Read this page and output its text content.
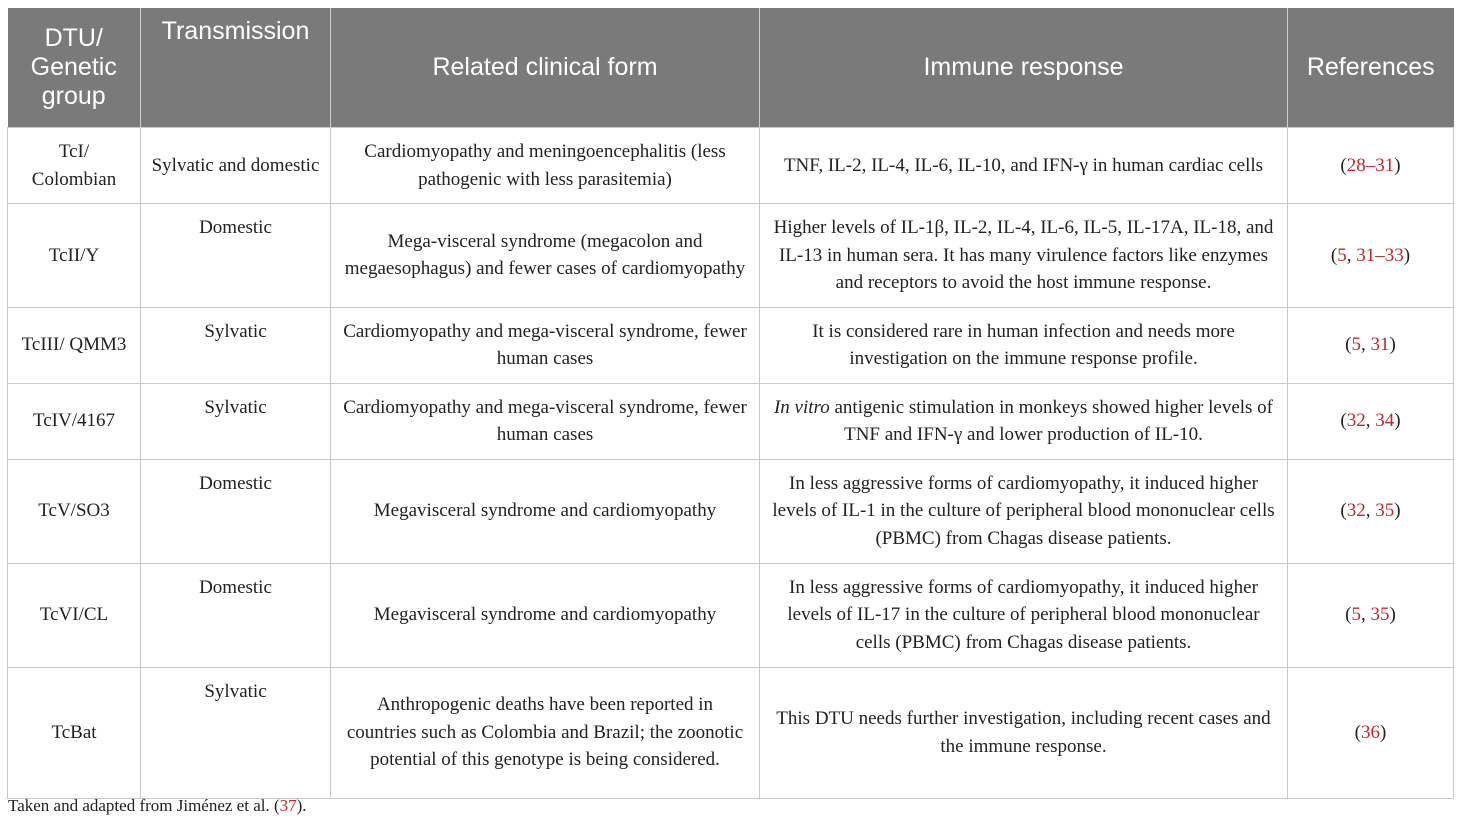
DTU/ Genetic group	Transmission	Related clinical form	Immune response	References
TcI/ Colombian	Sylvatic and domestic	Cardiomyopathy and meningoencephalitis (less pathogenic with less parasitemia)	TNF, IL-2, IL-4, IL-6, IL-10, and IFN-γ in human cardiac cells	(28–31)
TcII/Y	Domestic	Mega-visceral syndrome (megacolon and megaesophagus) and fewer cases of cardiomyopathy	Higher levels of IL-1β, IL-2, IL-4, IL-6, IL-5, IL-17A, IL-18, and IL-13 in human sera. It has many virulence factors like enzymes and receptors to avoid the host immune response.	(5, 31–33)
TcIII/ QMM3	Sylvatic	Cardiomyopathy and mega-visceral syndrome, fewer human cases	It is considered rare in human infection and needs more investigation on the immune response profile.	(5, 31)
TcIV/4167	Sylvatic	Cardiomyopathy and mega-visceral syndrome, fewer human cases	In vitro antigenic stimulation in monkeys showed higher levels of TNF and IFN-γ and lower production of IL-10.	(32, 34)
TcV/SO3	Domestic	Megavisceral syndrome and cardiomyopathy	In less aggressive forms of cardiomyopathy, it induced higher levels of IL-1 in the culture of peripheral blood mononuclear cells (PBMC) from Chagas disease patients.	(32, 35)
TcVI/CL	Domestic	Megavisceral syndrome and cardiomyopathy	In less aggressive forms of cardiomyopathy, it induced higher levels of IL-17 in the culture of peripheral blood mononuclear cells (PBMC) from Chagas disease patients.	(5, 35)
TcBat	Sylvatic	Anthropogenic deaths have been reported in countries such as Colombia and Brazil; the zoonotic potential of this genotype is being considered.	This DTU needs further investigation, including recent cases and the immune response.	(36)
Taken and adapted from Jiménez et al. (37).
